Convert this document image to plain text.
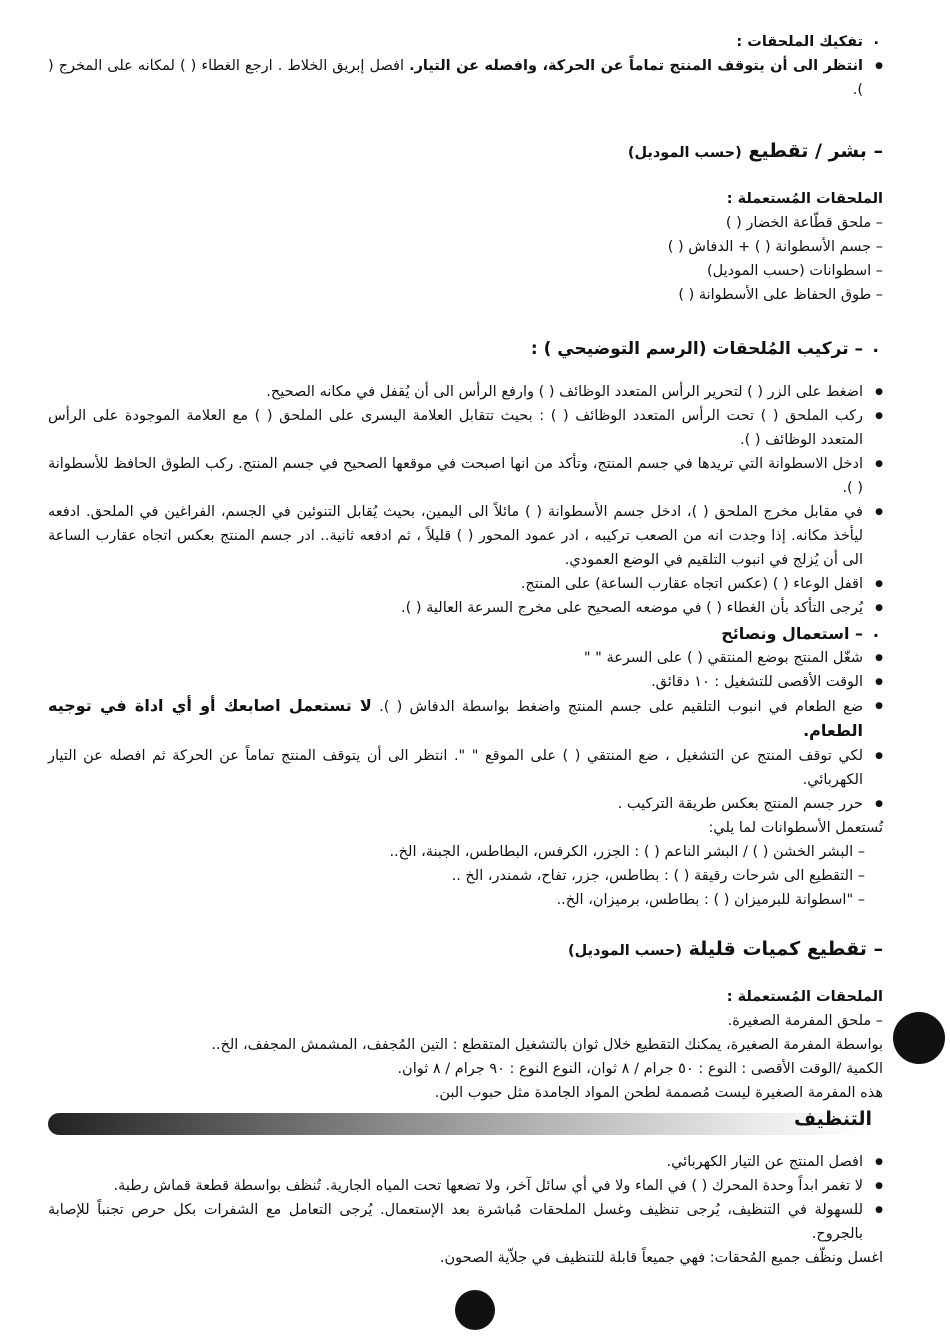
. تفكيك الملحقات :

● انتظر الى أن يتوقف المنتج تماماً عن الحركة، وافصله عن التيار. افصل إبريق الخلاط . ارجع الغطاء ( ) لمكانه على المخرج ( ).

– بشر / تقطيع (حسب الموديل)

الملحقات المُستعملة :

– ملحق قطّاعة الخضار ( )

– جسم الأسطوانة ( ) + الدفاش ( )

– اسطوانات (حسب الموديل)

– طوق الحفاظ على الأسطوانة ( )

. – تركيب المُلحقات (الرسم التوضيحي ) :

● اضغط على الزر ( ) لتحرير الرأس المتعدد الوظائف ( ) وارفع الرأس الى أن يُقفل في مكانه الصحيح.

● ركب الملحق ( ) تحت الرأس المتعدد الوظائف ( ) : بحيث تتقابل العلامة اليسرى على الملحق ( ) مع العلامة الموجودة على الرأس المتعدد الوظائف ( ).

● ادخل الاسطوانة التي تريدها في جسم المنتج، وتأكد من انها اصبحت في موقعها الصحيح في جسم المنتج. ركب الطوق الحافظ للأسطوانة ( ).

● في مقابل مخرج الملحق ( )، ادخل جسم الأسطوانة ( ) مائلاً الى اليمين، بحيث يُقابل التنوئين في الجسم، الفراغين في الملحق. ادفعه ليأخذ مكانه. إذا وجدت انه من الصعب تركيبه ، ادر عمود المحور ( ) قليلاً ، ثم ادفعه ثانية.. ادر جسم المنتج بعكس اتجاه عقارب الساعة الى أن يُزلج في انبوب التلقيم في الوضع العمودي.

● اقفل الوعاء ( ) (عكس اتجاه عقارب الساعة) على المنتج.

● يُرجى التأكد بأن الغطاء ( ) في موضعه الصحيح على مخرج السرعة العالية ( ).

. – استعمال ونصائح

● شغّل المنتج بوضع المنتقي ( ) على السرعة " "

● الوقت الأقصى للتشغيل : ١٠ دقائق.

● ضع الطعام في انبوب التلقيم على جسم المنتج واضغط بواسطة الدفاش ( ). لا تستعمل اصابعك أو أي اداة في توجيه الطعام.

● لكي توقف المنتج عن التشغيل ، ضع المنتقي ( ) على الموقع " ". انتظر الى أن يتوقف المنتج تماماً عن الحركة ثم افصله عن التيار الكهربائي.

● حرر جسم المنتج بعكس طريقة التركيب .

تُستعمل الأسطوانات لما يلي:

– البشر الخشن ( ) / البشر الناعم ( ) : الجزر، الكرفس، البطاطس، الجبنة، الخ..

– التقطيع الى شرحات رقيقة ( ) : بطاطس، جزر، تفاح، شمندر، الخ ..

– "اسطوانة للبرميزان ( ) : بطاطس، برميزان، الخ..

– تقطيع كميات قليلة (حسب الموديل)

الملحقات المُستعملة :

– ملحق المفرمة الصغيرة.

بواسطة المفرمة الصغيرة، يمكنك التقطيع خلال ثوان بالتشغيل المتقطع : التين المُجفف، المشمش المجفف، الخ..

الكمية /الوقت الأقصى : النوع : ٥٠ جرام / ٨ ثوان، النوع النوع : ٩٠ جرام / ٨ ثوان.

هذه المفرمة الصغيرة ليست مُصممة لطحن المواد الجامدة مثل حبوب البن.

التنظيف

● افصل المنتج عن التيار الكهربائي.

● لا تغمر ابداً وحدة المحرك ( ) في الماء ولا في أي سائل آخر، ولا تضعها تحت المياه الجارية. تُنظف بواسطة قطعة قماش رطبة.

● للسهولة في التنظيف، يُرجى تنظيف وغسل الملحقات مُباشرة بعد الإستعمال. يُرجى التعامل مع الشفرات بكل حرص تجنباً للإصابة بالجروح.

اغسل ونظّف جميع المُحقات: فهي جميعاً قابلة للتنظيف في جلاّية الصحون.
